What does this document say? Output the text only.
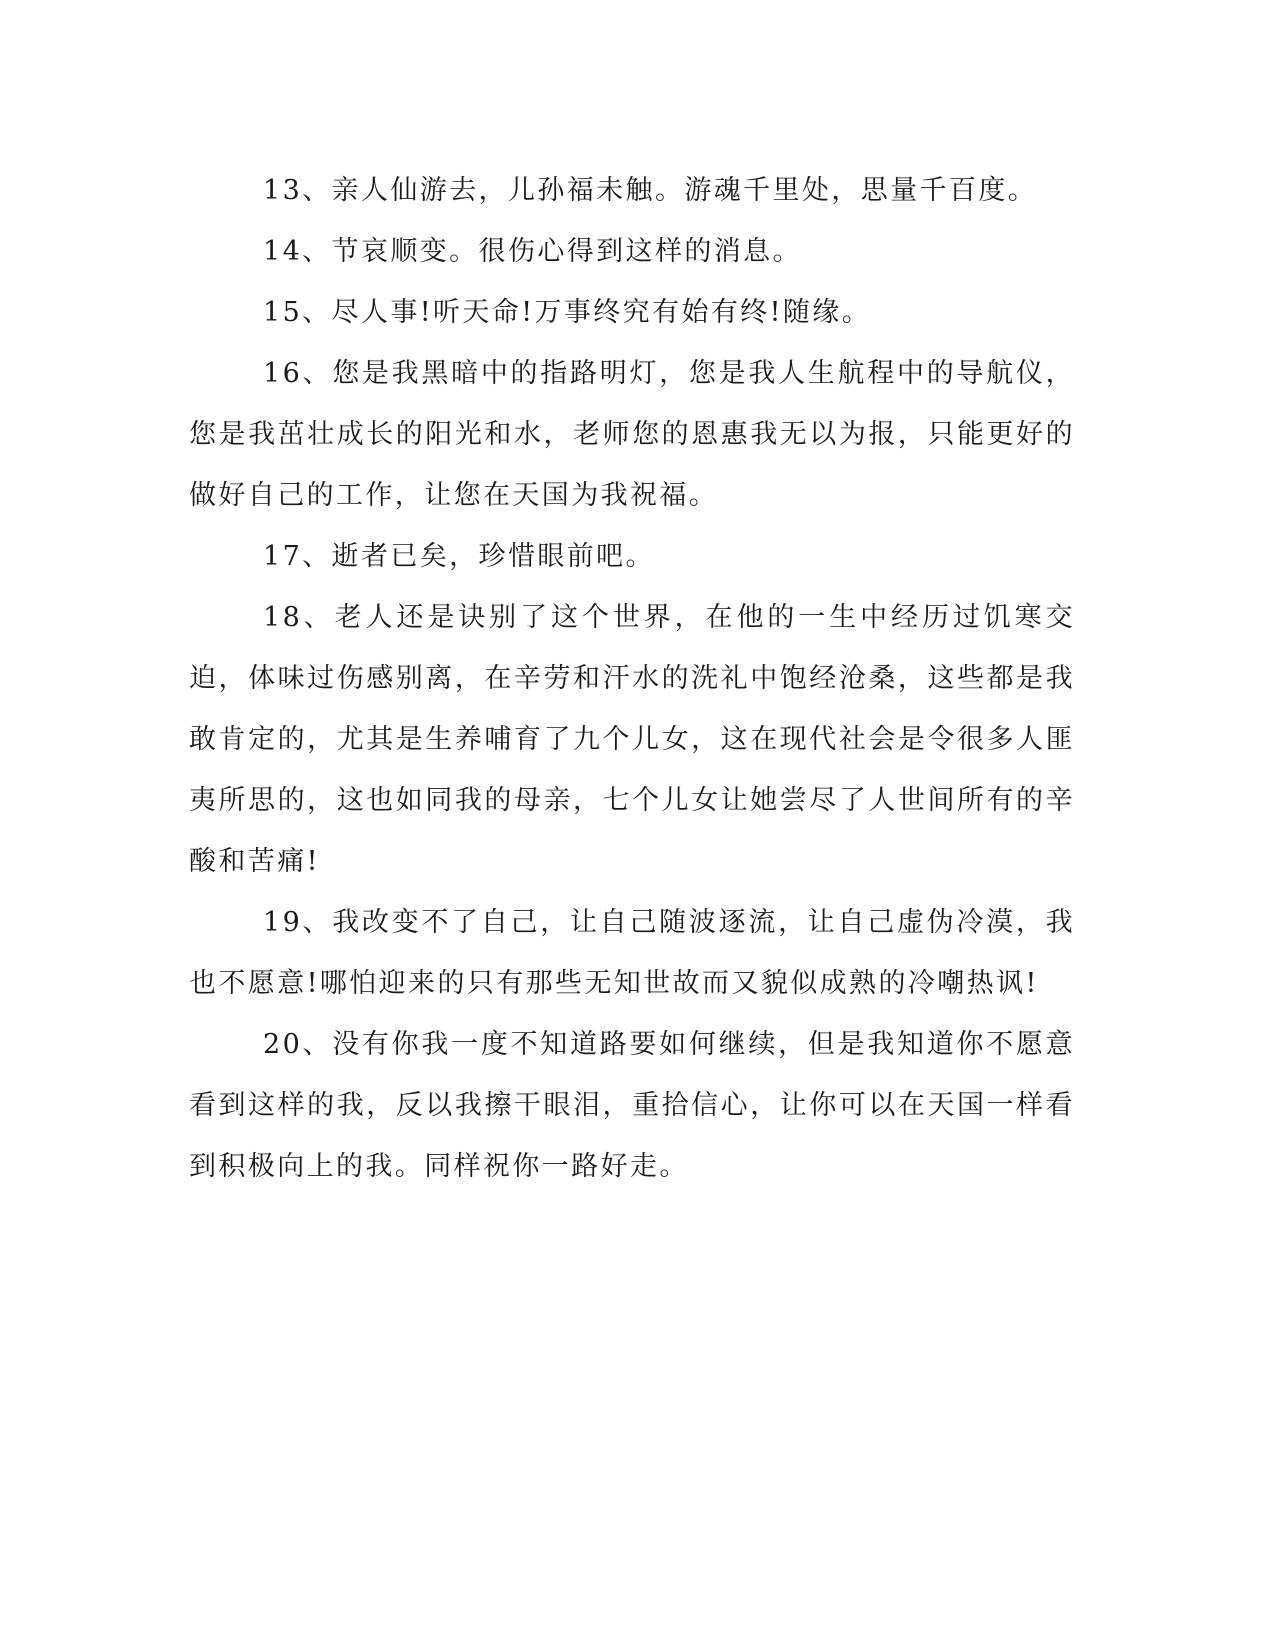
13、亲人仙游去，儿孙福未触。游魂千里处，思量千百度。

14、节哀顺变。很伤心得到这样的消息。

15、尽人事!听天命!万事终究有始有终!随缘。

16、您是我黑暗中的指路明灯，您是我人生航程中的导航仪，您是我茁壮成长的阳光和水，老师您的恩惠我无以为报，只能更好的做好自己的工作，让您在天国为我祝福。

17、逝者已矣，珍惜眼前吧。

18、老人还是诀别了这个世界，在他的一生中经历过饥寒交迫，体味过伤感别离，在辛劳和汗水的洗礼中饱经沧桑，这些都是我敢肯定的，尤其是生养哺育了九个儿女，这在现代社会是令很多人匪夷所思的，这也如同我的母亲，七个儿女让她尝尽了人世间所有的辛酸和苦痛!

19、我改变不了自己，让自己随波逐流，让自己虚伪冷漠，我也不愿意!哪怕迎来的只有那些无知世故而又貌似成熟的冷嘲热讽!

20、没有你我一度不知道路要如何继续，但是我知道你不愿意看到这样的我，反以我擦干眼泪，重拾信心，让你可以在天国一样看到积极向上的我。同样祝你一路好走。
